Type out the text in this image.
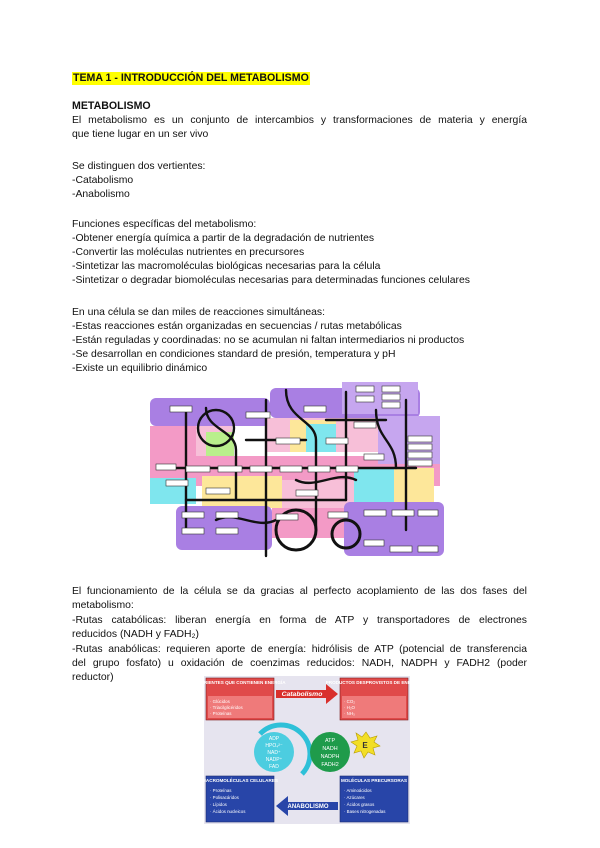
TEMA 1 - INTRODUCCIÓN DEL METABOLISMO
METABOLISMO
El metabolismo es un conjunto de intercambios y transformaciones de materia y energía
que tiene lugar en un ser vivo
Se distinguen dos vertientes:
-Catabolismo
-Anabolismo
Funciones específicas del metabolismo:
-Obtener energía química a partir de la degradación de nutrientes
-Convertir las moléculas nutrientes en precursores
-Sintetizar las macromoléculas biológicas necesarias para la célula
-Sintetizar o degradar biomoléculas necesarias para determinadas funciones celulares
En una célula se dan miles de reacciones simultáneas:
-Estas reacciones están organizadas en secuencias / rutas metabólicas
-Están reguladas y coordinadas: no se acumulan ni faltan intermediarios ni productos
-Se desarrollan en condiciones standard de presión, temperatura y pH
-Existe un equilibrio dinámico
El funcionamiento de la célula se da gracias al perfecto acoplamiento de las dos fases del
metabolismo:
-Rutas catabólicas: liberan energía en forma de ATP y transportadores de electrones
reducidos (NADH y FADH₂)
-Rutas anabólicas: requieren aporte de energía: hidrólisis de ATP (potencial de transferencia
del grupo fosfato) u oxidación de coenzimas reducidos: NADH, NADPH y FADH2 (poder
reductor)	NUTRIENTES QUE CONTIENEN ENERGÍA
· Glúcidos
· Triacilglicéridos
· Proteínas
PRODUCTOS DESPROVISTOS DE ENERGÍA
· CO₂
· H₂O
· NH₃
Catabolismo
ADP
HPO₄²⁻
NAD⁺
NADP⁺
FAD
ATP
NADH
NADPH
FADH2
E
MACROMOLÉCULAS CELULARES
· Proteínas
· Polisacáridos
· Lípidos
· Ácidos nucleicos
MOLÉCULAS PRECURSORAS
· Aminoácidos
· Azúcares
· Ácidos grasos
· Bases nitrogenadas
ANABOLISMO
